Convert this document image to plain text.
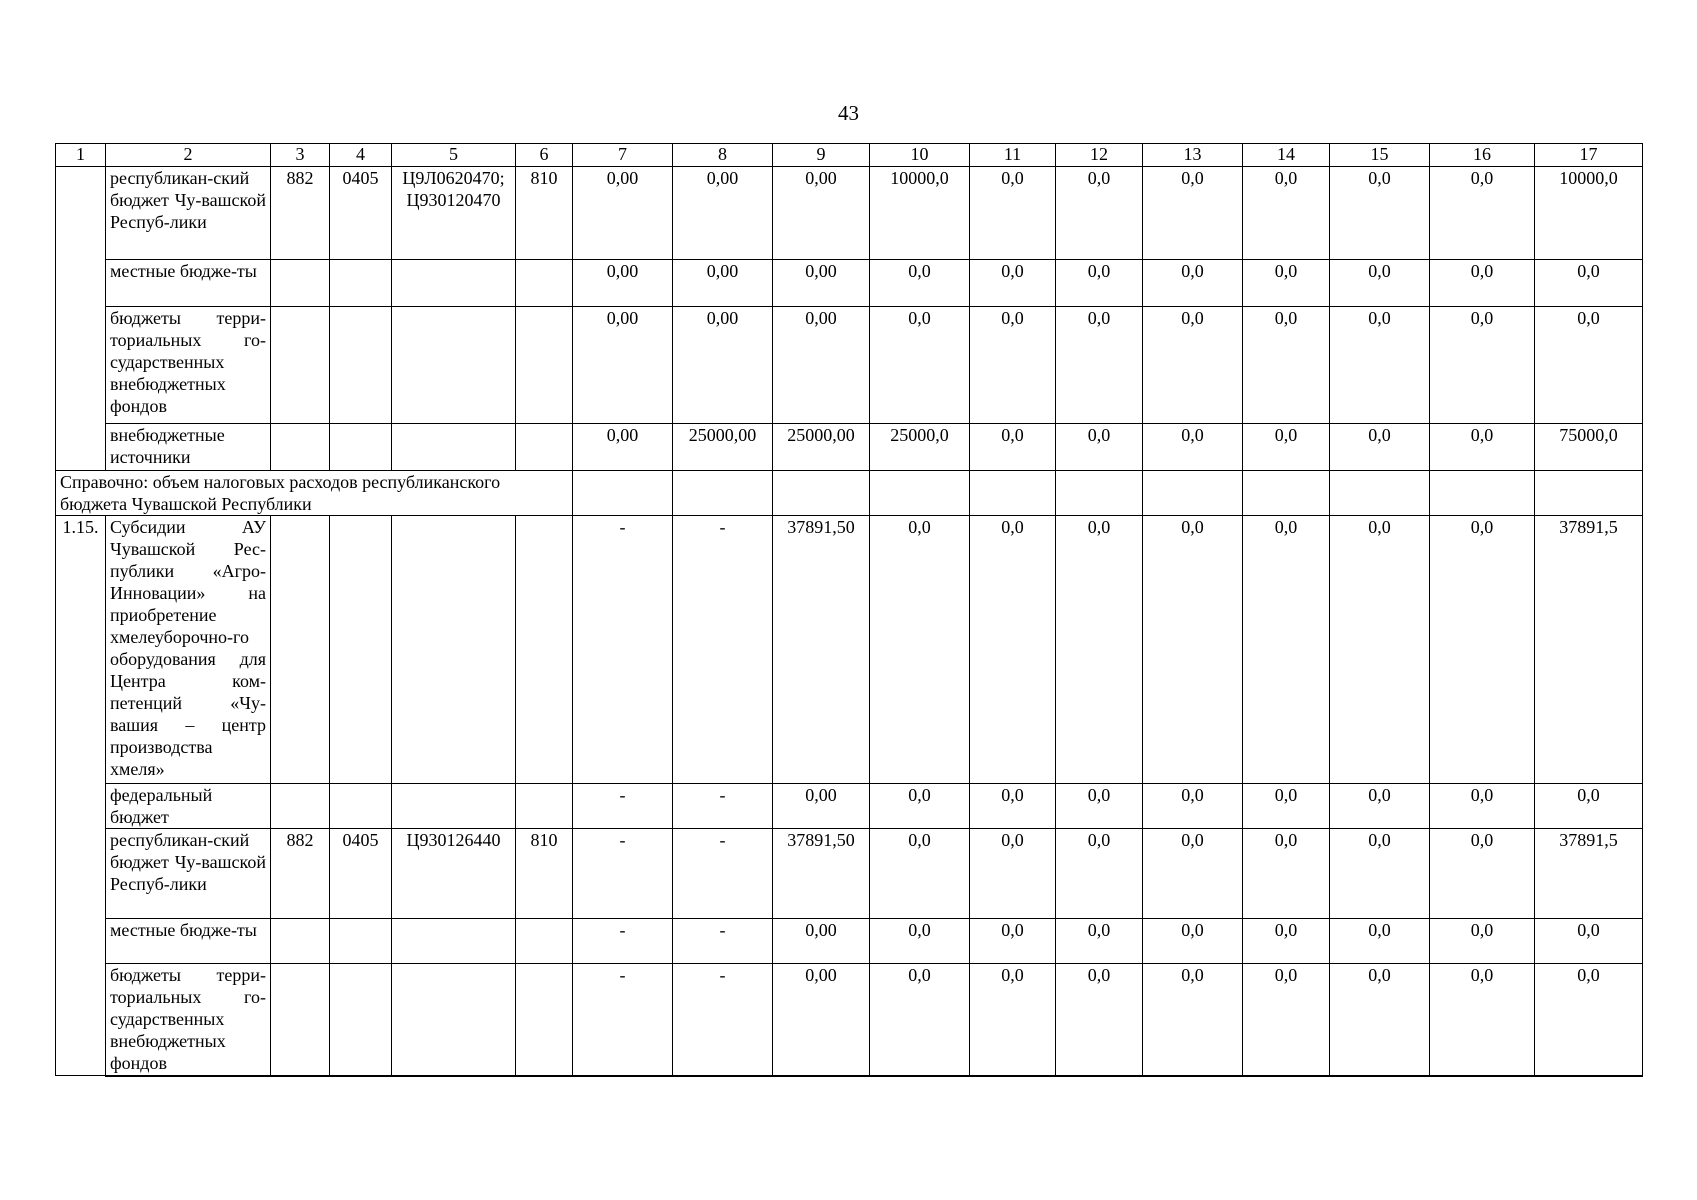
43
1	2	3	4	5	6	7	8	9	10	11	12	13	14	15	16	17
	республикан-ский бюджет Чу-вашской Респуб-лики	882	0405	Ц9Л0620470; Ц930120470	810	0,00	0,00	0,00	10000,0	0,0	0,0	0,0	0,0	0,0	0,0	10000,0
	местные бюдже-ты					0,00	0,00	0,00	0,0	0,0	0,0	0,0	0,0	0,0	0,0	0,0
	бюджеты терри-ториальных го-сударственных внебюджетных фондов					0,00	0,00	0,00	0,0	0,0	0,0	0,0	0,0	0,0	0,0	0,0
	внебюджетные источники					0,00	25000,00	25000,00	25000,0	0,0	0,0	0,0	0,0	0,0	0,0	75000,0
Справочно: объем налоговых расходов республиканского бюджета Чувашской Республики																
1.15.	Субсидии АУ Чувашской Рес-публики «Агро-Инновации» на приобретение хмелеуборочно-го оборудования для Центра ком-петенций «Чу-вашия – центр производства хмеля»					-	-	37891,50	0,0	0,0	0,0	0,0	0,0	0,0	0,0	37891,5
	федеральный бюджет					-	-	0,00	0,0	0,0	0,0	0,0	0,0	0,0	0,0	0,0
	республикан-ский бюджет Чу-вашской Респуб-лики	882	0405	Ц930126440	810	-	-	37891,50	0,0	0,0	0,0	0,0	0,0	0,0	0,0	37891,5
	местные бюдже-ты					-	-	0,00	0,0	0,0	0,0	0,0	0,0	0,0	0,0	0,0
	бюджеты терри-ториальных го-сударственных внебюджетных фондов					-	-	0,00	0,0	0,0	0,0	0,0	0,0	0,0	0,0	0,0
